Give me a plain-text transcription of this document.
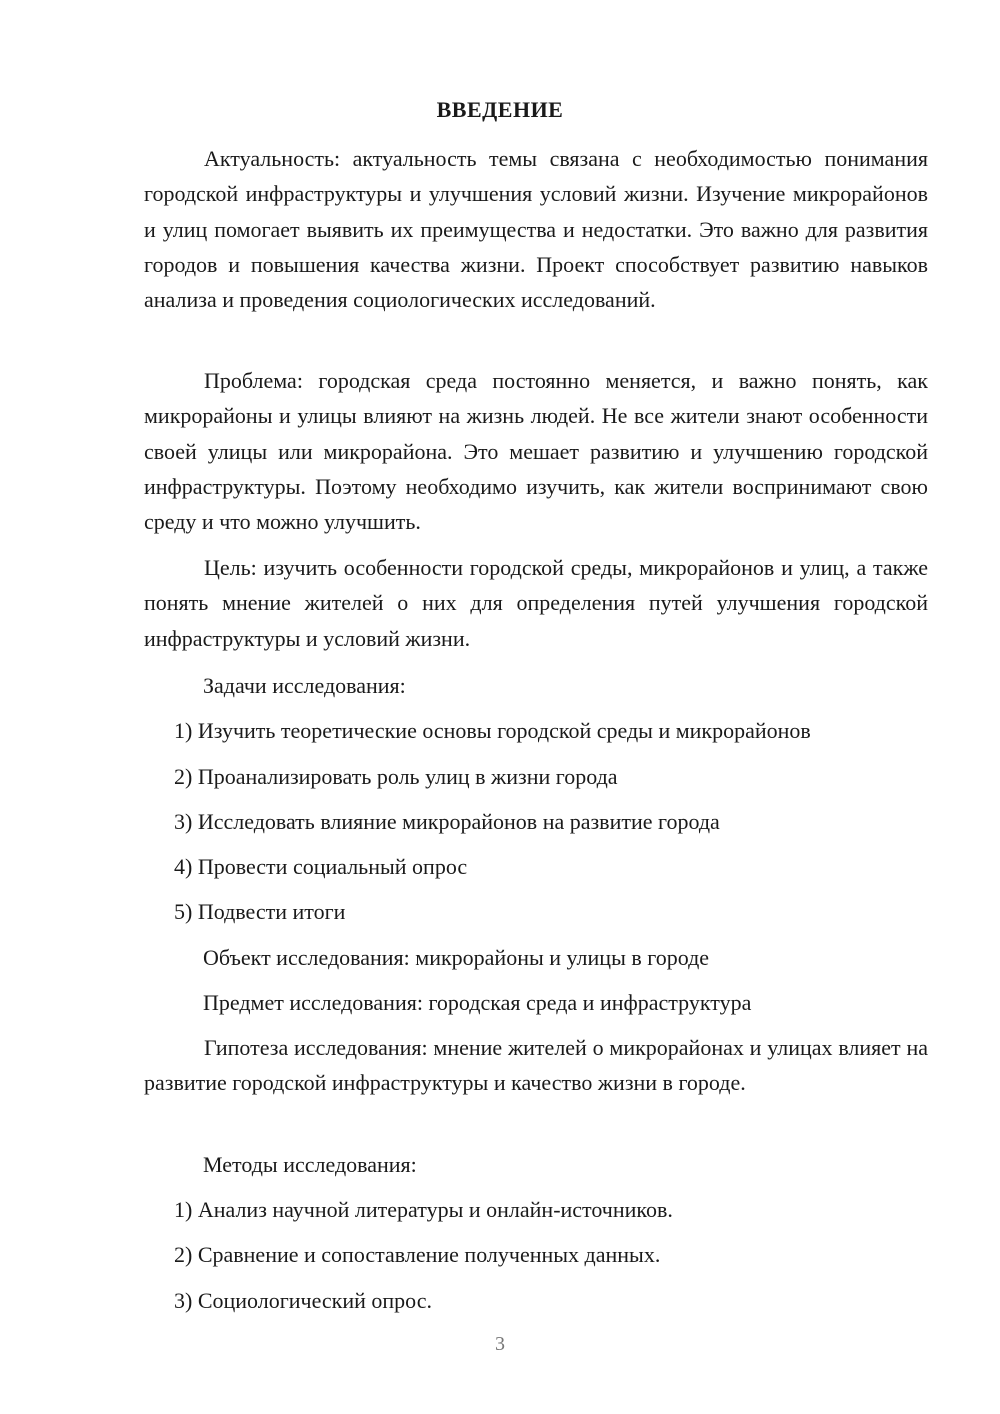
ВВЕДЕНИЕ

Актуальность: актуальность темы связана с необходимостью понимания городской инфраструктуры и улучшения условий жизни. Изучение микрорайонов и улиц помогает выявить их преимущества и недостатки. Это важно для развития городов и повышения качества жизни. Проект способствует развитию навыков анализа и проведения социологических исследований.

Проблема: городская среда постоянно меняется, и важно понять, как микрорайоны и улицы влияют на жизнь людей. Не все жители знают особенности своей улицы или микрорайона. Это мешает развитию и улучшению городской инфраструктуры. Поэтому необходимо изучить, как жители воспринимают свою среду и что можно улучшить.

Цель: изучить особенности городской среды, микрорайонов и улиц, а также понять мнение жителей о них для определения путей улучшения городской инфраструктуры и условий жизни.

Задачи исследования:
1) Изучить теоретические основы городской среды и микрорайонов
2) Проанализировать роль улиц в жизни города
3) Исследовать влияние микрорайонов на развитие города
4) Провести социальный опрос
5) Подвести итоги
Объект исследования: микрорайоны и улицы в городе
Предмет исследования: городская среда и инфраструктура

Гипотеза исследования: мнение жителей о микрорайонах и улицах влияет на развитие городской инфраструктуры и качество жизни в городе.

Методы исследования:
1) Анализ научной литературы и онлайн-источников.
2) Сравнение и сопоставление полученных данных.
3) Социологический опрос.
3
